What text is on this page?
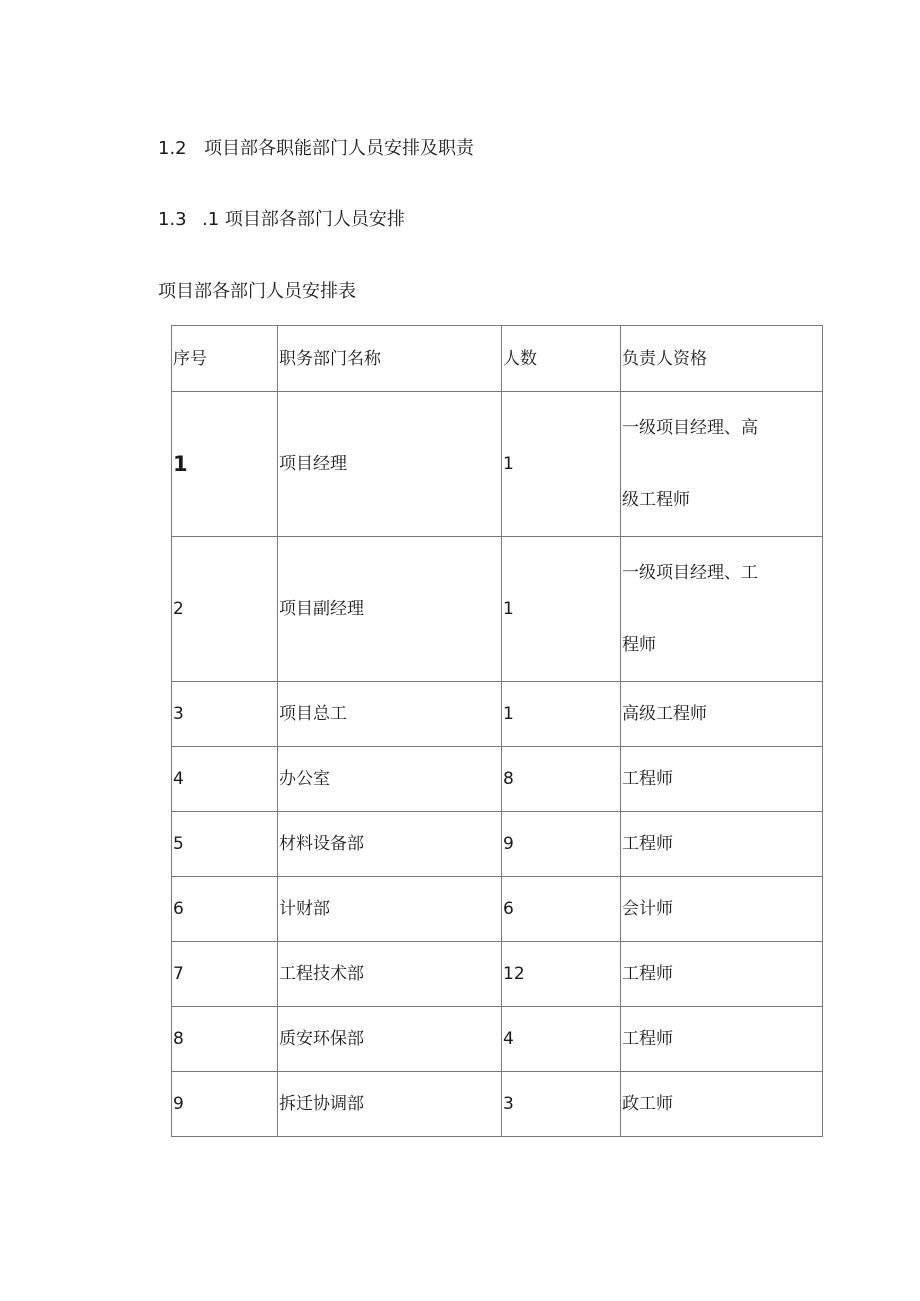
1.2 项目部各职能部门人员安排及职责
1.3 .1 项目部各部门人员安排
项目部各部门人员安排表
序号	职务部门名称	人数	负责人资格
1	项目经理	1	一级项目经理、高
级工程师

2	项目副经理	1	一级项目经理、工
程师

3	项目总工	1	高级工程师
4	办公室	8	工程师
5	材料设备部	9	工程师
6	计财部	6	会计师
7	工程技术部	12	工程师
8	质安环保部	4	工程师
9	拆迁协调部	3	政工师
